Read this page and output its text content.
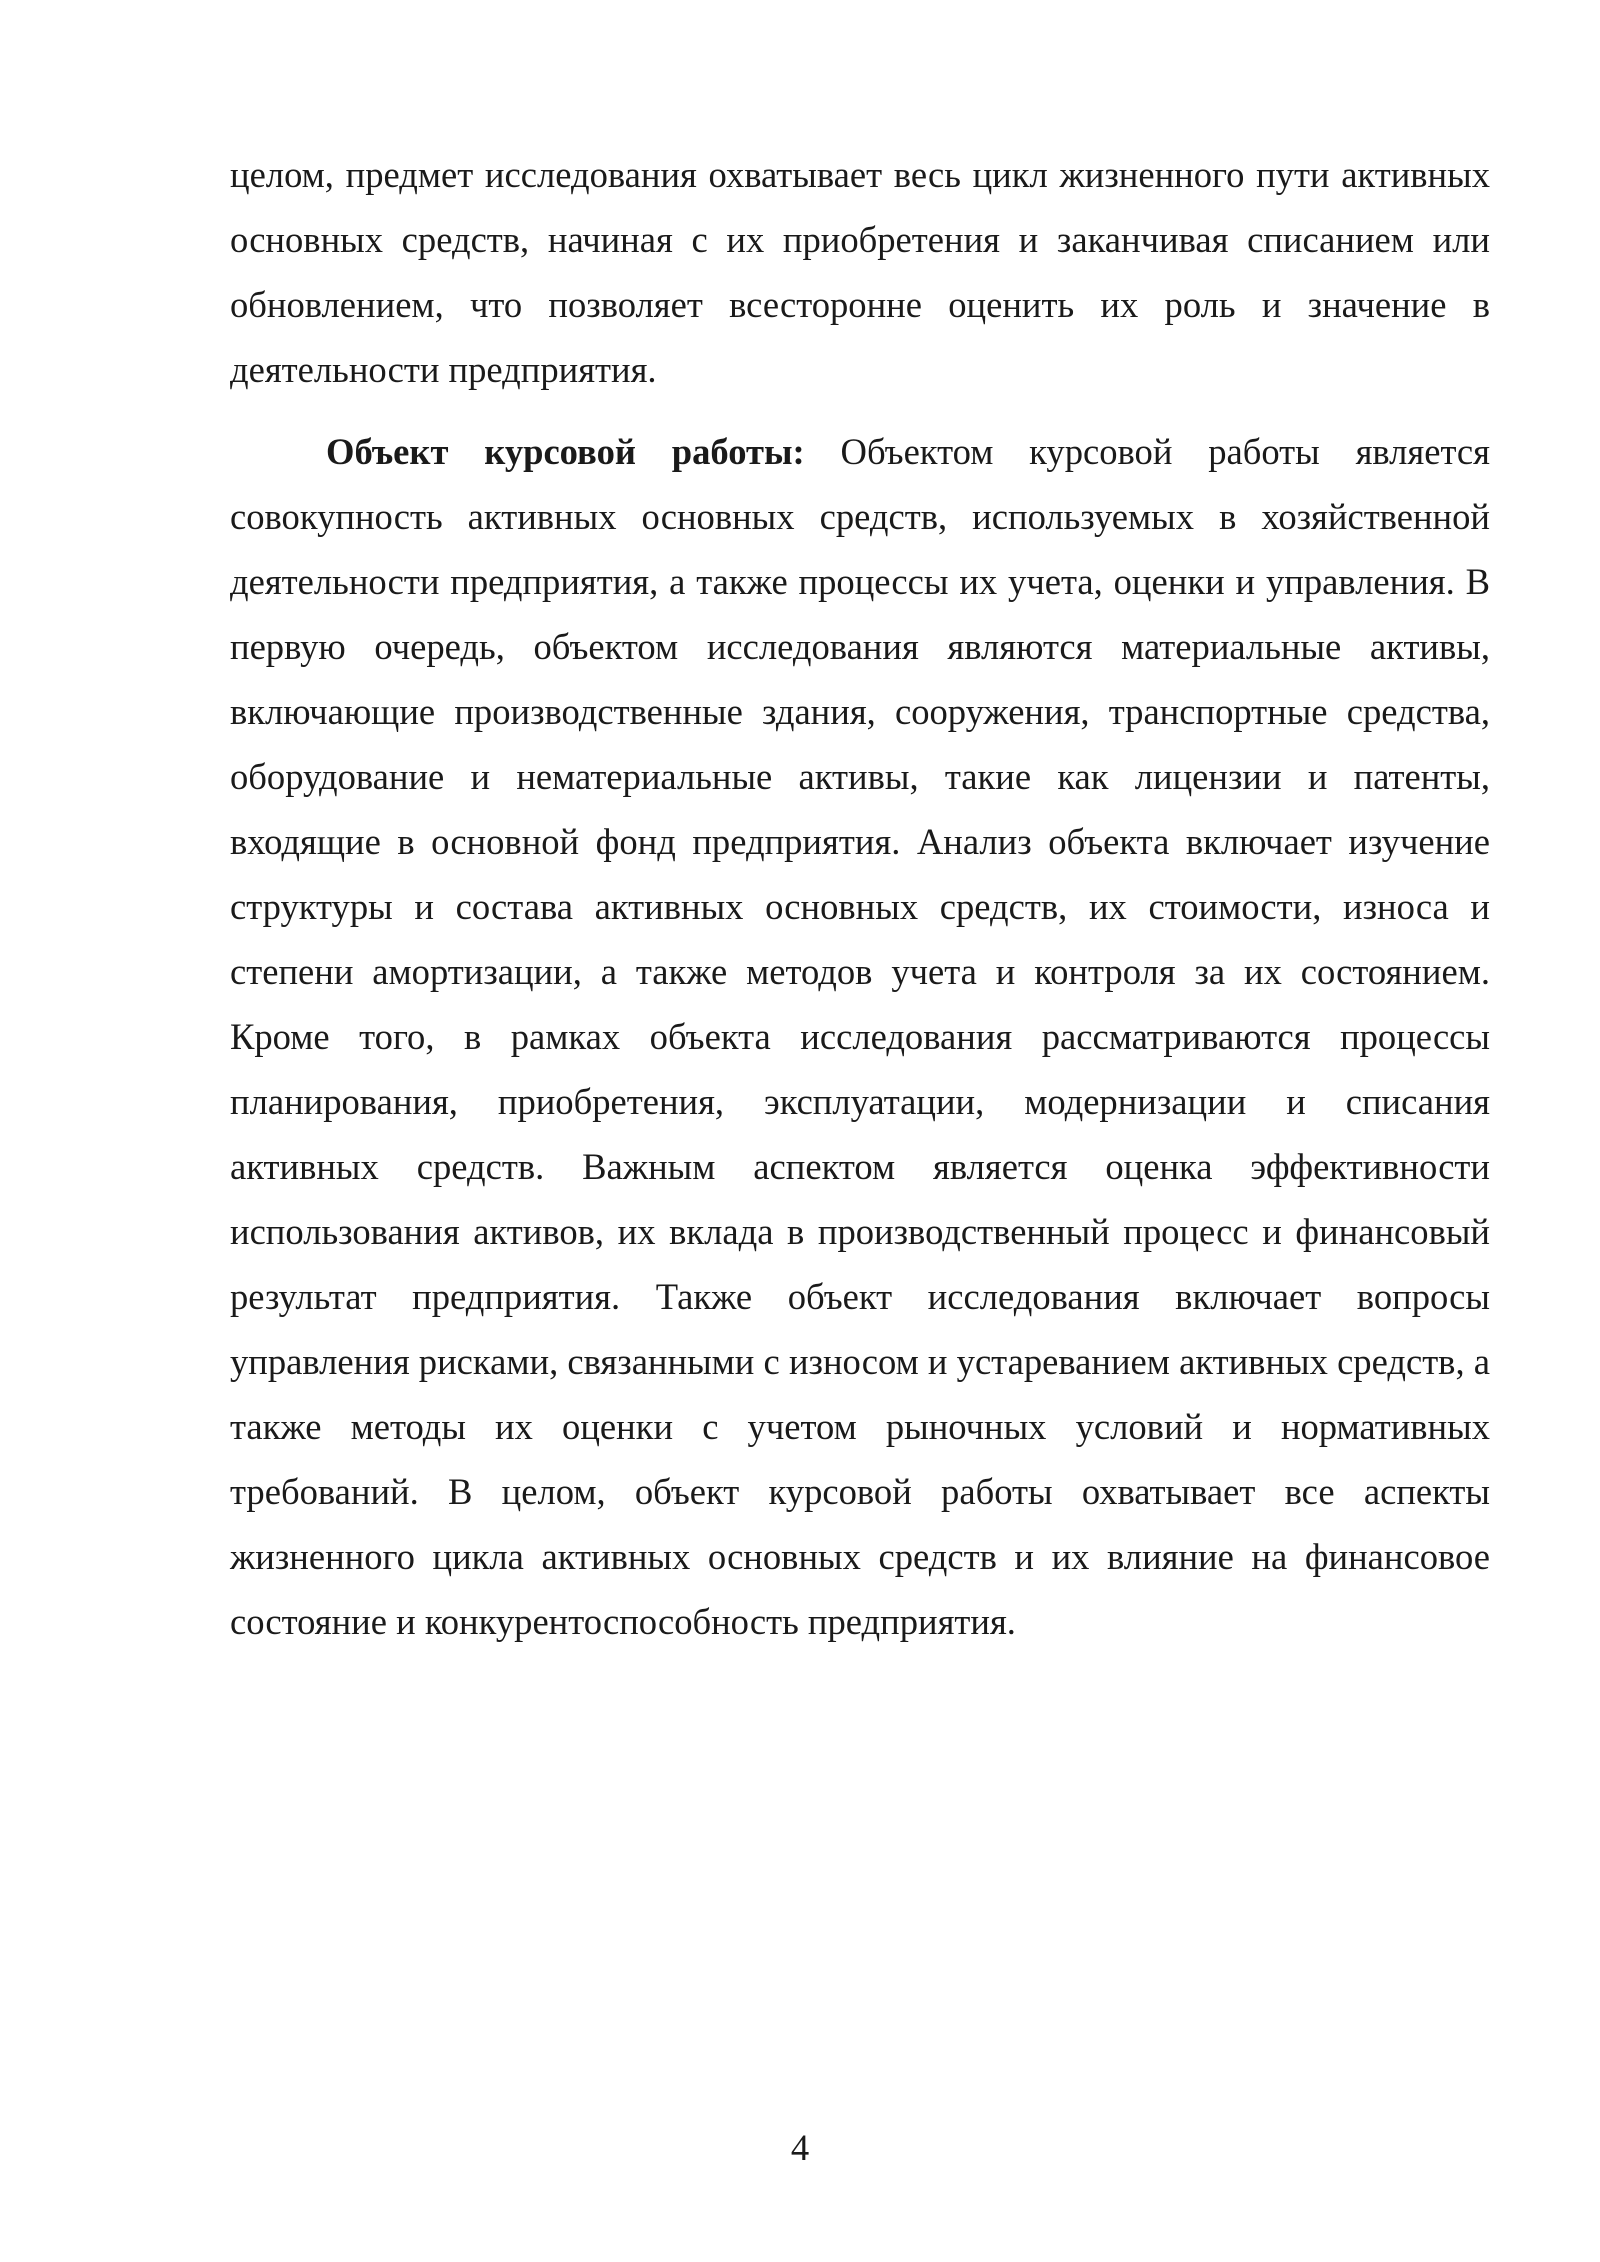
целом, предмет исследования охватывает весь цикл жизненного пути активных основных средств, начиная с их приобретения и заканчивая списанием или обновлением, что позволяет всесторонне оценить их роль и значение в деятельности предприятия.

Объект курсовой работы: Объектом курсовой работы является совокупность активных основных средств, используемых в хозяйственной деятельности предприятия, а также процессы их учета, оценки и управления. В первую очередь, объектом исследования являются материальные активы, включающие производственные здания, сооружения, транспортные средства, оборудование и нематериальные активы, такие как лицензии и патенты, входящие в основной фонд предприятия. Анализ объекта включает изучение структуры и состава активных основных средств, их стоимости, износа и степени амортизации, а также методов учета и контроля за их состоянием. Кроме того, в рамках объекта исследования рассматриваются процессы планирования, приобретения, эксплуатации, модернизации и списания активных средств. Важным аспектом является оценка эффективности использования активов, их вклада в производственный процесс и финансовый результат предприятия. Также объект исследования включает вопросы управления рисками, связанными с износом и устареванием активных средств, а также методы их оценки с учетом рыночных условий и нормативных требований. В целом, объект курсовой работы охватывает все аспекты жизненного цикла активных основных средств и их влияние на финансовое состояние и конкурентоспособность предприятия.

4
